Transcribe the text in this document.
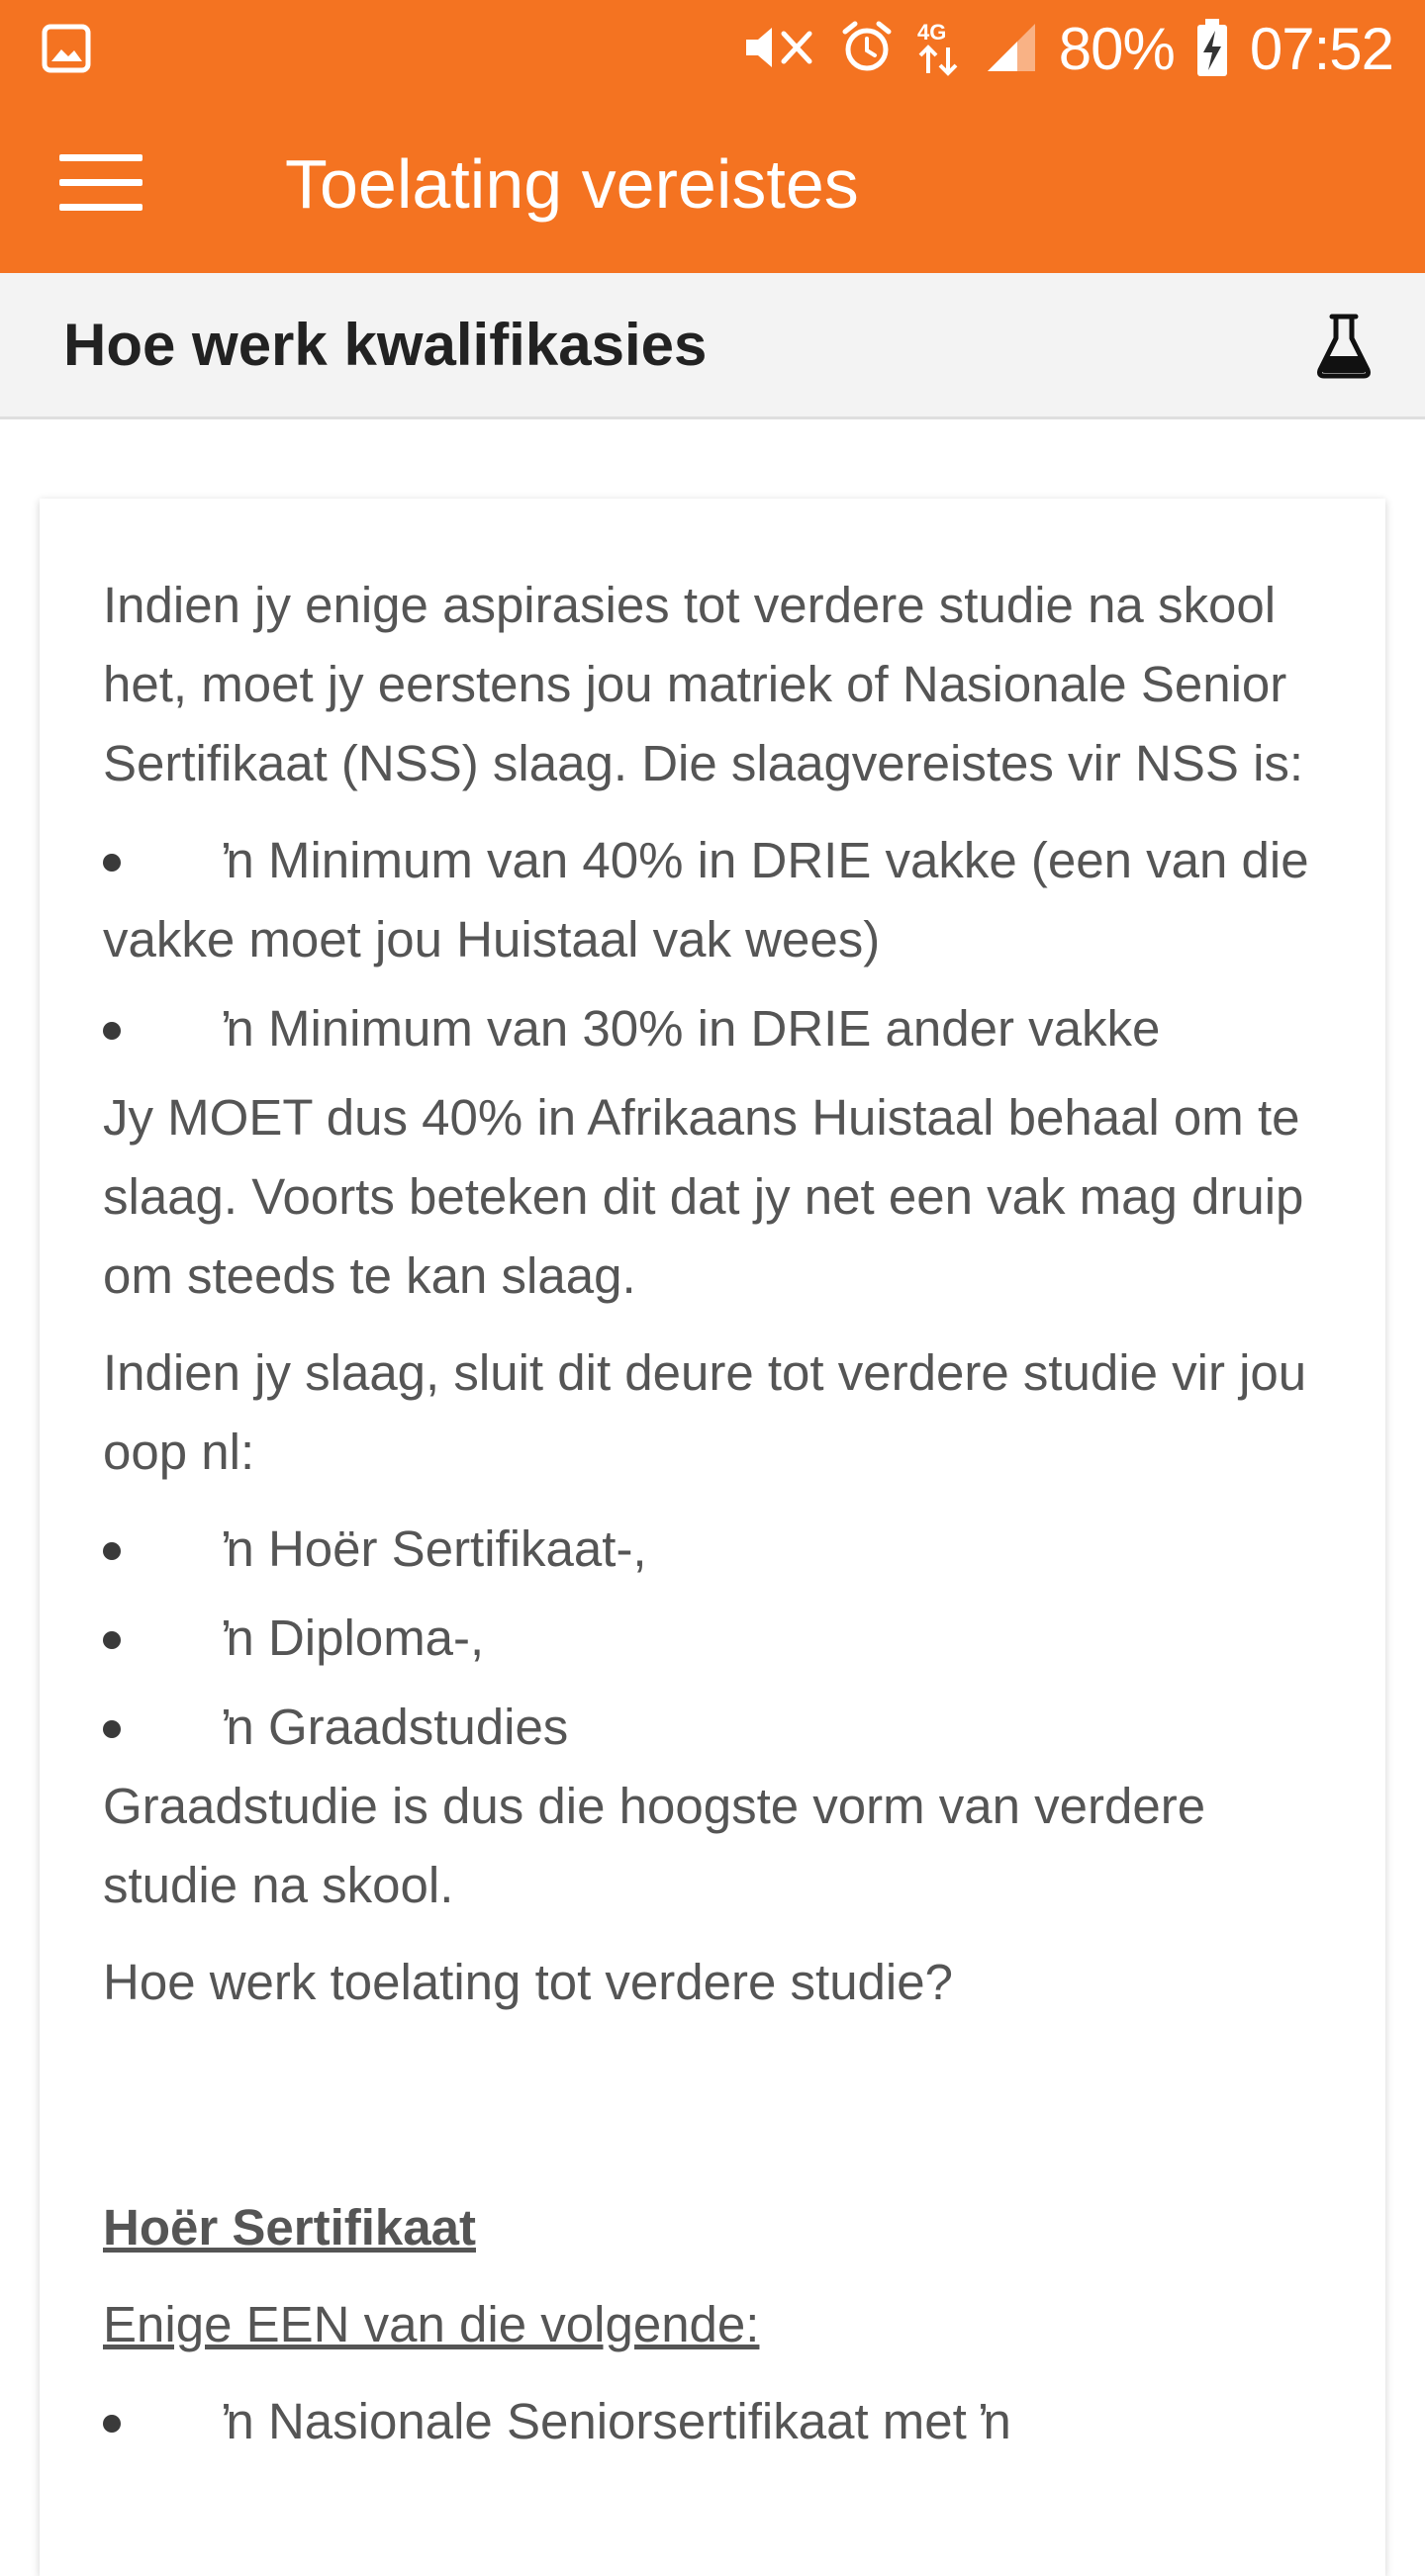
4G 80% 07:52
Toelating vereistes
Hoe werk kwalifikasies

Indien jy enige aspirasies tot verdere studie na skool het, moet jy eerstens jou matriek of Nasionale Senior Sertifikaat (NSS) slaag. Die slaagvereistes vir NSS is:

ŉ Minimum van 40% in DRIE vakke (een van die vakke moet jou Huistaal vak wees)
ŉ Minimum van 30% in DRIE ander vakke

Jy MOET dus 40% in Afrikaans Huistaal behaal om te slaag. Voorts beteken dit dat jy net een vak mag druip om steeds te kan slaag.

Indien jy slaag, sluit dit deure tot verdere studie vir jou oop nl:

ŉ Hoër Sertifikaat-,
ŉ Diploma-,
ŉ Graadstudies

Graadstudie is dus die hoogste vorm van verdere studie na skool.

Hoe werk toelating tot verdere studie?

Hoër Sertifikaat

Enige EEN van die volgende:

ŉ Nasionale Seniorsertifikaat met ŉ
